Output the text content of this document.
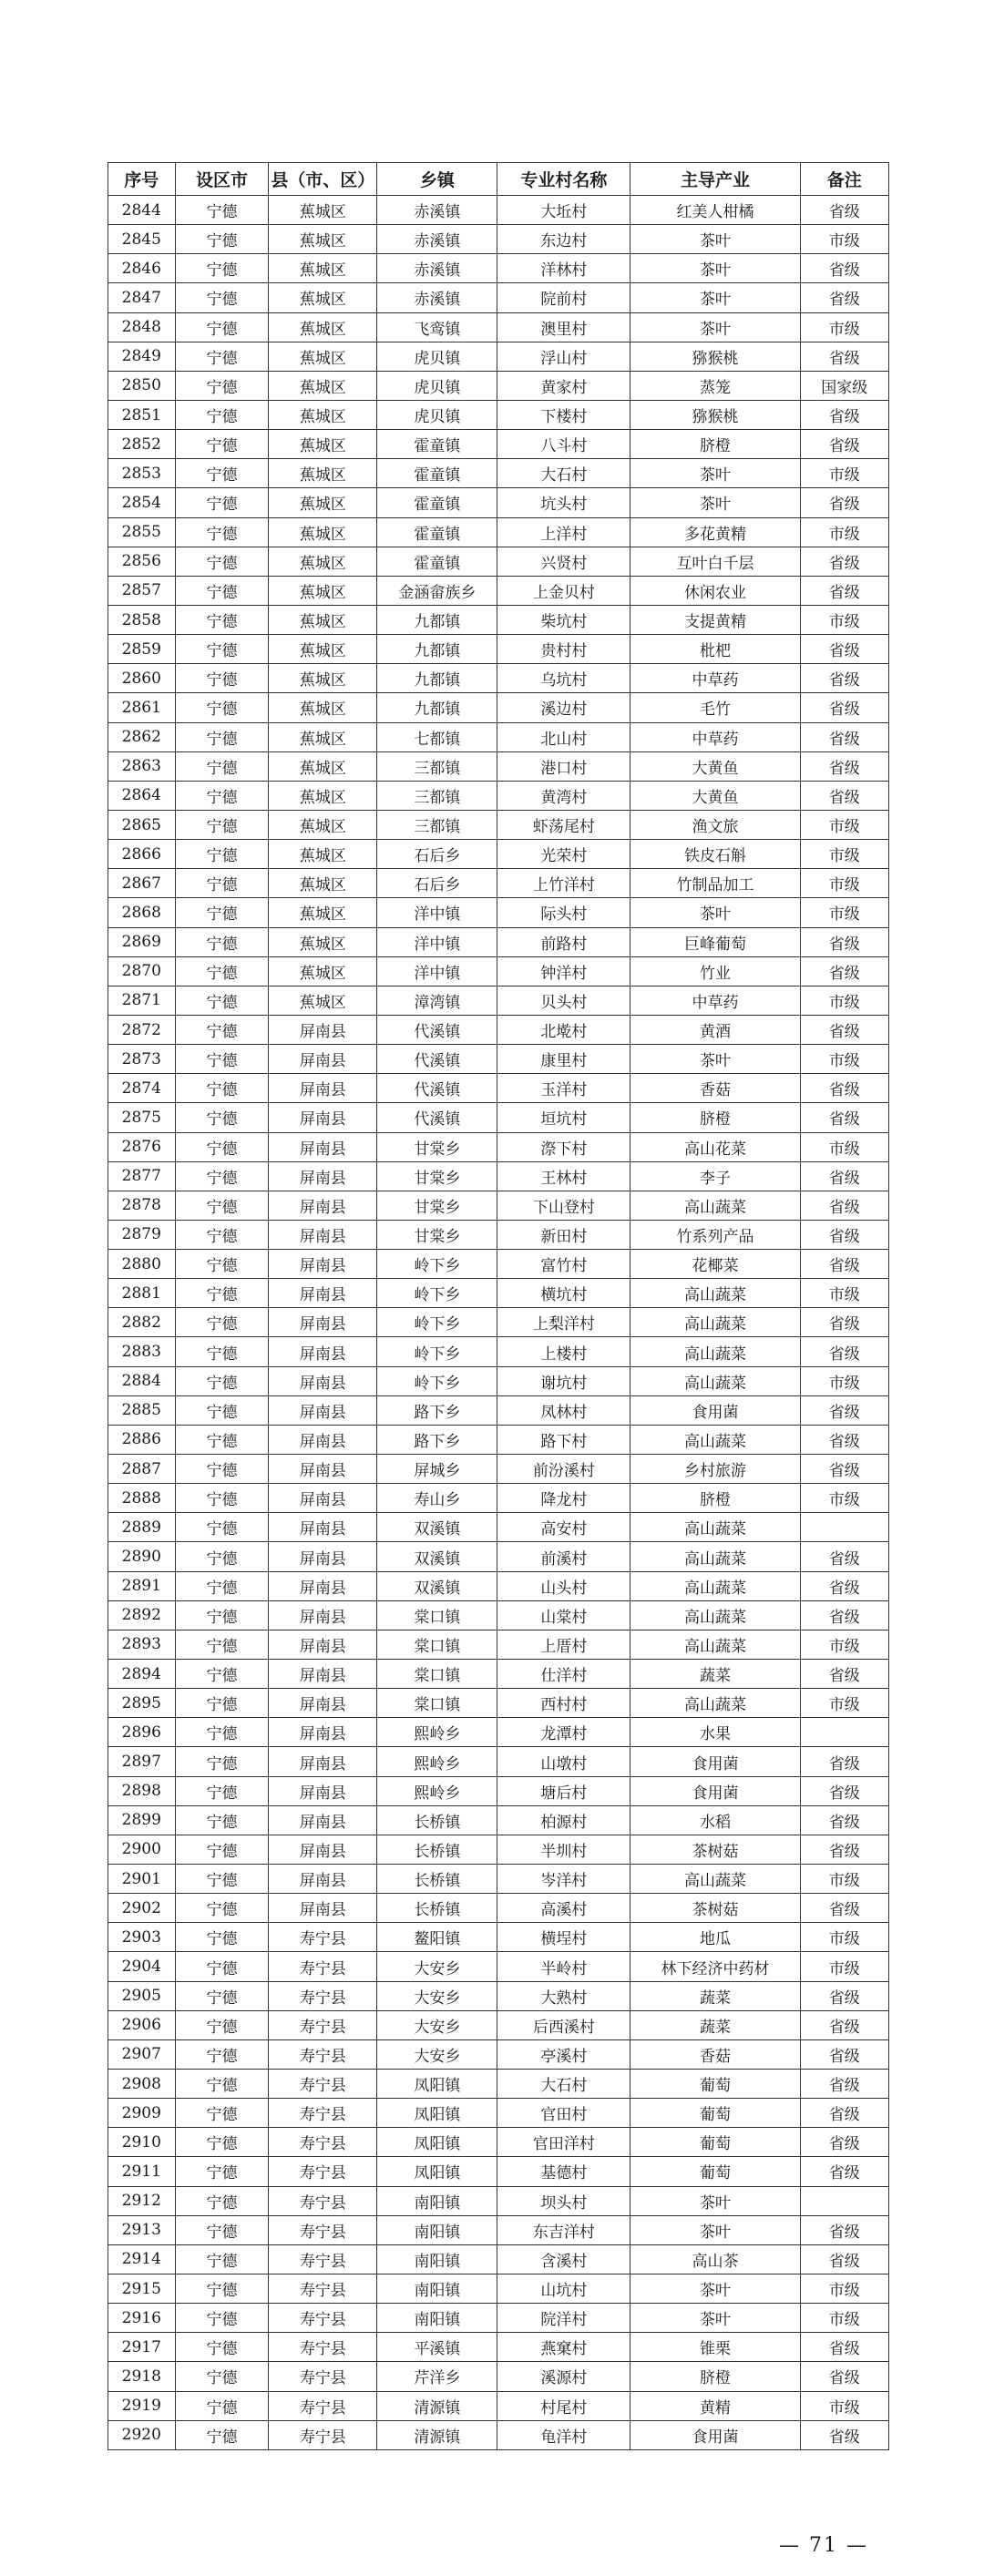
序号	设区市	县（市、区）	乡镇	专业村名称	主导产业	备注
2844	宁德	蕉城区	赤溪镇	大坵村	红美人柑橘	省级
2845	宁德	蕉城区	赤溪镇	东边村	茶叶	市级
2846	宁德	蕉城区	赤溪镇	洋林村	茶叶	省级
2847	宁德	蕉城区	赤溪镇	院前村	茶叶	省级
2848	宁德	蕉城区	飞鸾镇	澳里村	茶叶	市级
2849	宁德	蕉城区	虎贝镇	浮山村	猕猴桃	省级
2850	宁德	蕉城区	虎贝镇	黄家村	蒸笼	国家级
2851	宁德	蕉城区	虎贝镇	下楼村	猕猴桃	省级
2852	宁德	蕉城区	霍童镇	八斗村	脐橙	省级
2853	宁德	蕉城区	霍童镇	大石村	茶叶	市级
2854	宁德	蕉城区	霍童镇	坑头村	茶叶	省级
2855	宁德	蕉城区	霍童镇	上洋村	多花黄精	市级
2856	宁德	蕉城区	霍童镇	兴贤村	互叶白千层	省级
2857	宁德	蕉城区	金涵畲族乡	上金贝村	休闲农业	省级
2858	宁德	蕉城区	九都镇	柴坑村	支提黄精	市级
2859	宁德	蕉城区	九都镇	贵村村	枇杷	省级
2860	宁德	蕉城区	九都镇	乌坑村	中草药	省级
2861	宁德	蕉城区	九都镇	溪边村	毛竹	省级
2862	宁德	蕉城区	七都镇	北山村	中草药	省级
2863	宁德	蕉城区	三都镇	港口村	大黄鱼	省级
2864	宁德	蕉城区	三都镇	黄湾村	大黄鱼	省级
2865	宁德	蕉城区	三都镇	虾荡尾村	渔文旅	市级
2866	宁德	蕉城区	石后乡	光荣村	铁皮石斛	市级
2867	宁德	蕉城区	石后乡	上竹洋村	竹制品加工	市级
2868	宁德	蕉城区	洋中镇	际头村	茶叶	市级
2869	宁德	蕉城区	洋中镇	前路村	巨峰葡萄	省级
2870	宁德	蕉城区	洋中镇	钟洋村	竹业	省级
2871	宁德	蕉城区	漳湾镇	贝头村	中草药	市级
2872	宁德	屏南县	代溪镇	北墘村	黄酒	省级
2873	宁德	屏南县	代溪镇	康里村	茶叶	市级
2874	宁德	屏南县	代溪镇	玉洋村	香菇	省级
2875	宁德	屏南县	代溪镇	垣坑村	脐橙	省级
2876	宁德	屏南县	甘棠乡	漈下村	高山花菜	市级
2877	宁德	屏南县	甘棠乡	王林村	李子	省级
2878	宁德	屏南县	甘棠乡	下山登村	高山蔬菜	省级
2879	宁德	屏南县	甘棠乡	新田村	竹系列产品	省级
2880	宁德	屏南县	岭下乡	富竹村	花椰菜	省级
2881	宁德	屏南县	岭下乡	横坑村	高山蔬菜	市级
2882	宁德	屏南县	岭下乡	上梨洋村	高山蔬菜	省级
2883	宁德	屏南县	岭下乡	上楼村	高山蔬菜	省级
2884	宁德	屏南县	岭下乡	谢坑村	高山蔬菜	市级
2885	宁德	屏南县	路下乡	凤林村	食用菌	省级
2886	宁德	屏南县	路下乡	路下村	高山蔬菜	省级
2887	宁德	屏南县	屏城乡	前汾溪村	乡村旅游	省级
2888	宁德	屏南县	寿山乡	降龙村	脐橙	市级
2889	宁德	屏南县	双溪镇	高安村	高山蔬菜	
2890	宁德	屏南县	双溪镇	前溪村	高山蔬菜	省级
2891	宁德	屏南县	双溪镇	山头村	高山蔬菜	省级
2892	宁德	屏南县	棠口镇	山棠村	高山蔬菜	省级
2893	宁德	屏南县	棠口镇	上厝村	高山蔬菜	市级
2894	宁德	屏南县	棠口镇	仕洋村	蔬菜	省级
2895	宁德	屏南县	棠口镇	西村村	高山蔬菜	市级
2896	宁德	屏南县	熙岭乡	龙潭村	水果	
2897	宁德	屏南县	熙岭乡	山墩村	食用菌	省级
2898	宁德	屏南县	熙岭乡	塘后村	食用菌	省级
2899	宁德	屏南县	长桥镇	柏源村	水稻	省级
2900	宁德	屏南县	长桥镇	半圳村	茶树菇	省级
2901	宁德	屏南县	长桥镇	岑洋村	高山蔬菜	市级
2902	宁德	屏南县	长桥镇	高溪村	茶树菇	省级
2903	宁德	寿宁县	鳌阳镇	横埕村	地瓜	市级
2904	宁德	寿宁县	大安乡	半岭村	林下经济中药材	市级
2905	宁德	寿宁县	大安乡	大熟村	蔬菜	省级
2906	宁德	寿宁县	大安乡	后西溪村	蔬菜	省级
2907	宁德	寿宁县	大安乡	亭溪村	香菇	省级
2908	宁德	寿宁县	凤阳镇	大石村	葡萄	省级
2909	宁德	寿宁县	凤阳镇	官田村	葡萄	省级
2910	宁德	寿宁县	凤阳镇	官田洋村	葡萄	省级
2911	宁德	寿宁县	凤阳镇	基德村	葡萄	省级
2912	宁德	寿宁县	南阳镇	坝头村	茶叶	
2913	宁德	寿宁县	南阳镇	东吉洋村	茶叶	省级
2914	宁德	寿宁县	南阳镇	含溪村	高山茶	省级
2915	宁德	寿宁县	南阳镇	山坑村	茶叶	市级
2916	宁德	寿宁县	南阳镇	院洋村	茶叶	市级
2917	宁德	寿宁县	平溪镇	燕窠村	锥栗	省级
2918	宁德	寿宁县	芹洋乡	溪源村	脐橙	省级
2919	宁德	寿宁县	清源镇	村尾村	黄精	市级
2920	宁德	寿宁县	清源镇	龟洋村	食用菌	省级
— 71 —
